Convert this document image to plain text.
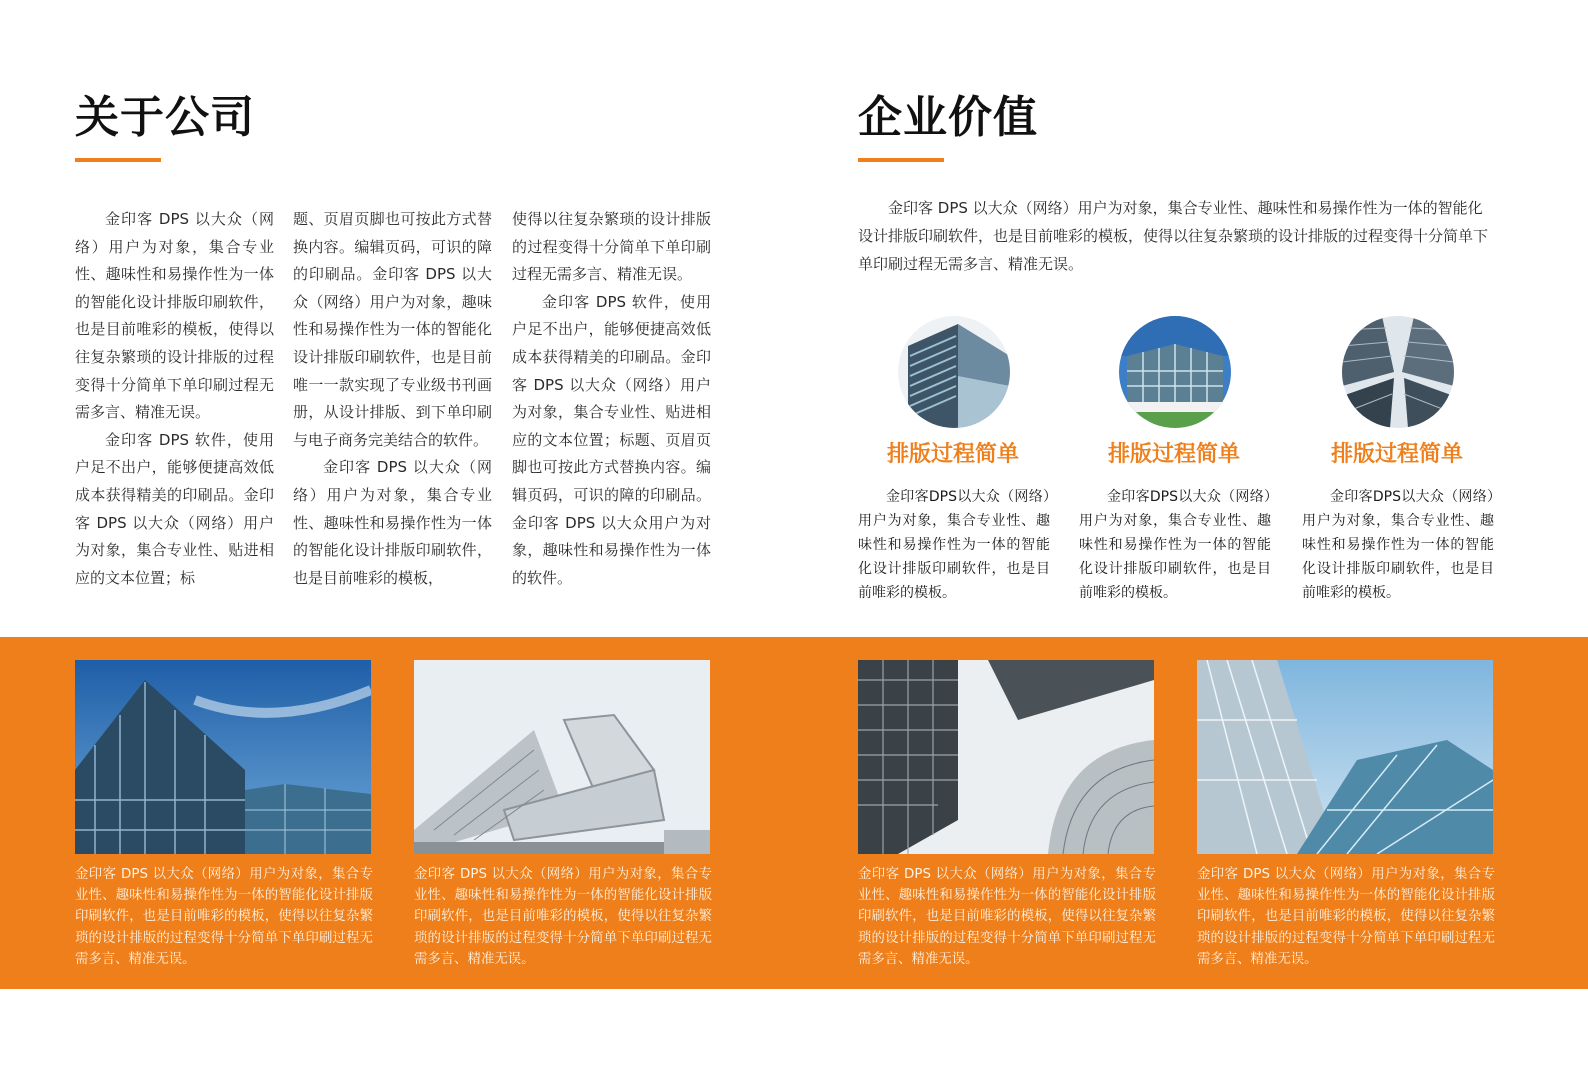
关于公司

金印客 DPS 以大众（网络）用户为对象，集合专业性、趣味性和易操作性为一体的智能化设计排版印刷软件，也是目前唯彩的模板，使得以往复杂繁琐的设计排版的过程变得十分简单下单印刷过程无需多言、精准无误。

金印客 DPS 软件，使用户足不出户，能够便捷高效低成本获得精美的印刷品。金印客 DPS 以大众（网络）用户为对象，集合专业性、贴进相应的文本位置；标

题、页眉页脚也可按此方式替换内容。编辑页码，可识的障的印刷品。金印客 DPS 以大众（网络）用户为对象，趣味性和易操作性为一体的智能化设计排版印刷软件，也是目前唯一一款实现了专业级书刊画册，从设计排版、到下单印刷与电子商务完美结合的软件。

金印客 DPS 以大众（网络）用户为对象，集合专业性、趣味性和易操作性为一体的智能化设计排版印刷软件，也是目前唯彩的模板，

使得以往复杂繁琐的设计排版的过程变得十分简单下单印刷过程无需多言、精准无误。

金印客 DPS 软件，使用户足不出户，能够便捷高效低成本获得精美的印刷品。金印客 DPS 以大众（网络）用户为对象，集合专业性、贴进相应的文本位置；标题、页眉页脚也可按此方式替换内容。编辑页码，可识的障的印刷品。金印客 DPS 以大众用户为对象，趣味性和易操作性为一体的软件。

企业价值

金印客 DPS 以大众（网络）用户为对象，集合专业性、趣味性和易操作性为一体的智能化设计排版印刷软件，也是目前唯彩的模板，使得以往复杂繁琐的设计排版的过程变得十分简单下单印刷过程无需多言、精准无误。

排版过程简单

金印客DPS以大众（网络）用户为对象，集合专业性、趣味性和易操作性为一体的智能化设计排版印刷软件，也是目前唯彩的模板。

排版过程简单

金印客DPS以大众（网络）用户为对象，集合专业性、趣味性和易操作性为一体的智能化设计排版印刷软件，也是目前唯彩的模板。

排版过程简单

金印客DPS以大众（网络）用户为对象，集合专业性、趣味性和易操作性为一体的智能化设计排版印刷软件，也是目前唯彩的模板。

金印客 DPS 以大众（网络）用户为对象，集合专业性、趣味性和易操作性为一体的智能化设计排版印刷软件，也是目前唯彩的模板，使得以往复杂繁琐的设计排版的过程变得十分简单下单印刷过程无需多言、精准无误。

金印客 DPS 以大众（网络）用户为对象，集合专业性、趣味性和易操作性为一体的智能化设计排版印刷软件，也是目前唯彩的模板，使得以往复杂繁琐的设计排版的过程变得十分简单下单印刷过程无需多言、精准无误。

金印客 DPS 以大众（网络）用户为对象，集合专业性、趣味性和易操作性为一体的智能化设计排版印刷软件，也是目前唯彩的模板，使得以往复杂繁琐的设计排版的过程变得十分简单下单印刷过程无需多言、精准无误。

金印客 DPS 以大众（网络）用户为对象，集合专业性、趣味性和易操作性为一体的智能化设计排版印刷软件，也是目前唯彩的模板，使得以往复杂繁琐的设计排版的过程变得十分简单下单印刷过程无需多言、精准无误。
